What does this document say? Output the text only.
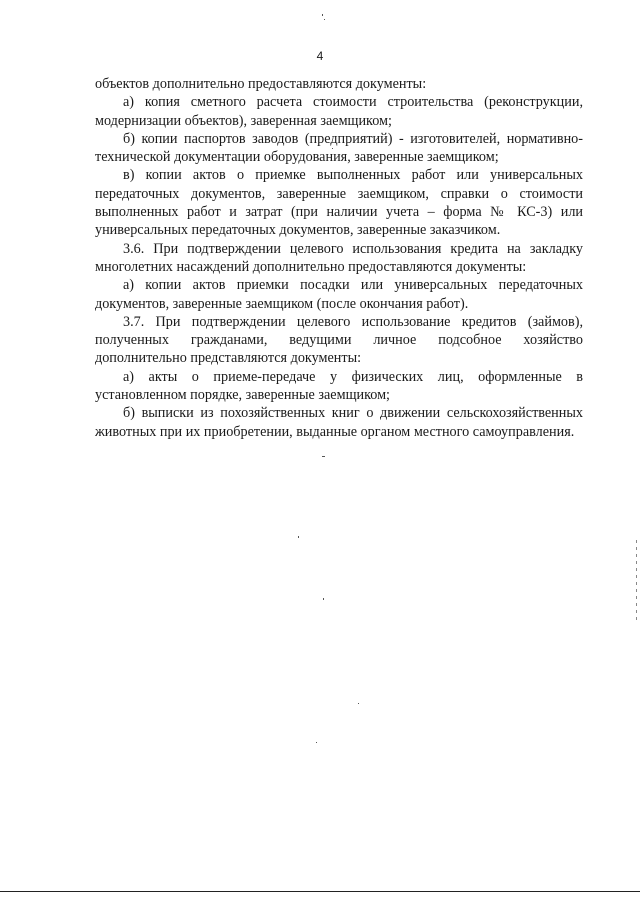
4

объектов дополнительно предоставляются документы:

а) копия сметного расчета стоимости строительства (реконструкции, модернизации объектов), заверенная заемщиком;

б) копии паспортов заводов (предприятий) - изготовителей, нормативно-технической документации оборудования, заверенные заемщиком;

в) копии актов о приемке выполненных работ или универсальных передаточных документов, заверенные заемщиком, справки о стоимости выполненных работ и затрат (при наличии учета – форма № КС-3) или универсальных передаточных документов, заверенные заказчиком.

3.6. При подтверждении целевого использования кредита на закладку многолетних насаждений дополнительно предоставляются документы:

а) копии актов приемки посадки или универсальных передаточных документов, заверенные заемщиком (после окончания работ).

3.7. При подтверждении целевого использование кредитов (займов), полученных гражданами, ведущими личное подсобное хозяйство дополнительно представляются документы:

а) акты о приеме-передаче у физических лиц, оформленные в установленном порядке, заверенные заемщиком;

б) выписки из похозяйственных книг о движении сельскохозяйственных животных при их приобретении, выданные органом местного самоуправления.
